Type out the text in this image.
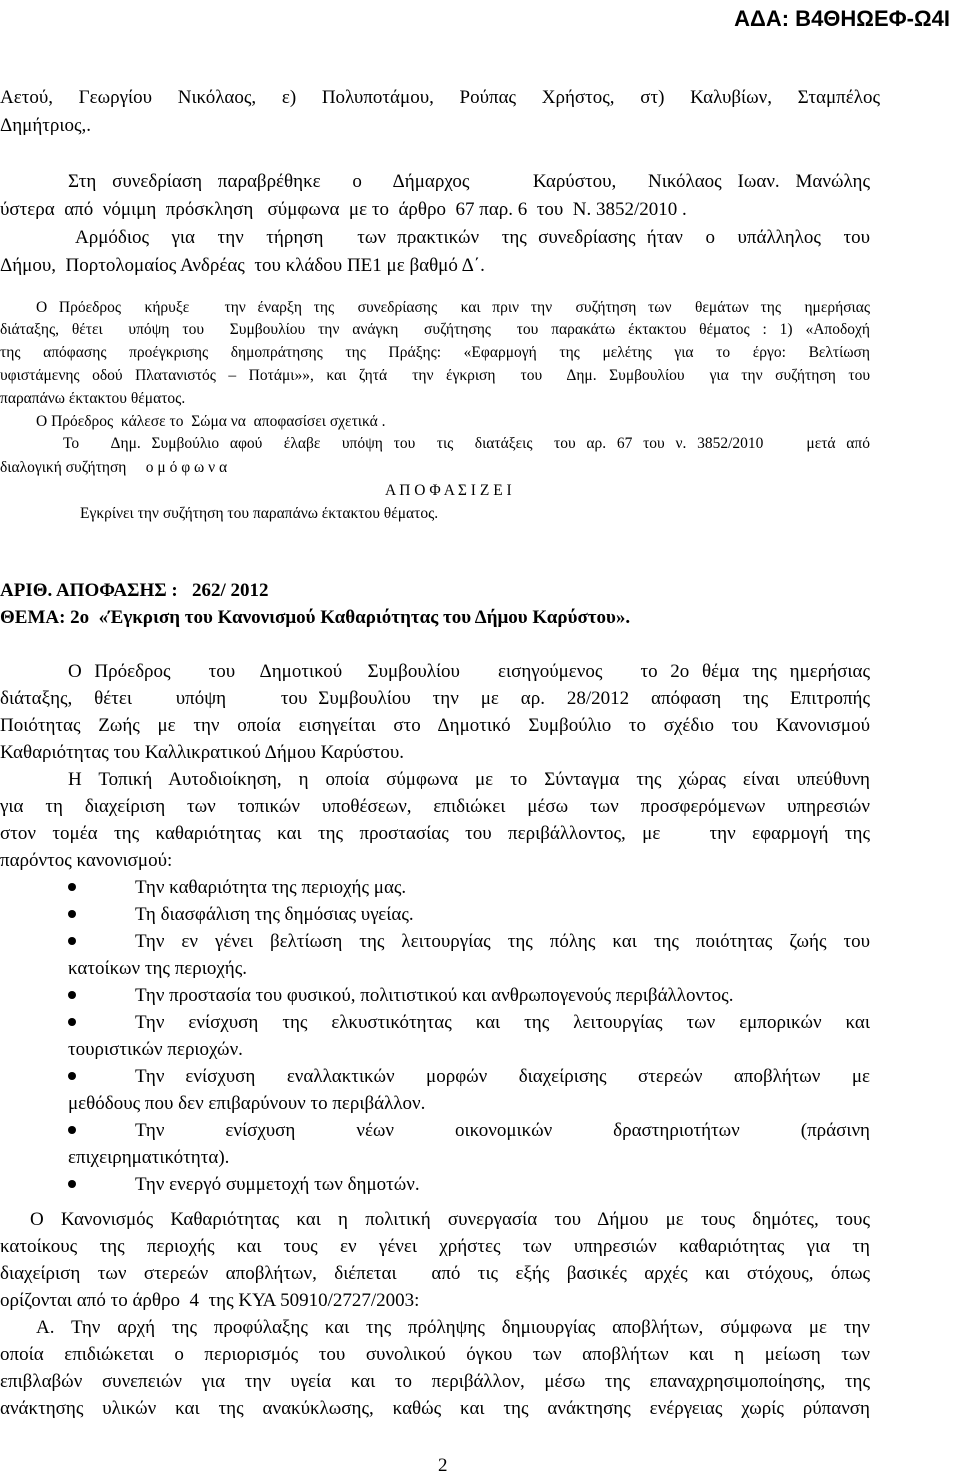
ΑΔΑ: Β4ΘΗΩΕΦ-Ω4Ι
Αετού, Γεωργίου Νικόλαος, ε) Πολυποτάμου, Ρούπας Χρήστος, στ) Καλυβίων, Σταμπέλος
Δημήτριος,.
Στη συνεδρίαση παραβρέθηκε  ο  Δήμαρχος    Καρύστου,  Νικόλαος Ιωαν. Μανώλης
ύστερα  από  νόμιμη  πρόσκληση   σύμφωνα  με το  άρθρο  67 παρ. 6  του  Ν. 3852/2010 .
Αρμόδιος  για  την  τήρηση   των πρακτικών  της συνεδρίασης ήταν  ο  υπάλληλος  του
Δήμου,  Πορτολομαίος Ανδρέας  του κλάδου ΠΕ1 με βαθμό Δ΄.
Ο Πρόεδρος  κήρυξε   την έναρξη της  συνεδρίασης  και πριν την  συζήτηση των  θεμάτων της  ημερήσιας
διάταξης, θέτει  υπόψη του  Συμβουλίου την ανάγκη  συζήτησης  του παρακάτω έκτακτου θέματος : 1) «Αποδοχή
της  απόφασης  προέγκρισης  δημοπράτησης  της  Πράξης:  «Εφαρμογή  της  μελέτης  για  το  έργο:  Βελτίωση
υφιστάμενης οδού Πλατανιστός – Ποτάμι»», και ζητά  την έγκριση  του  Δημ. Συμβουλίου  για την συζήτηση του
παραπάνω έκτακτου θέματος.
Ο Πρόεδρος  κάλεσε το  Σώμα να  αποφασίσει σχετικά .
Το   Δημ. Συμβούλιο αφού  έλαβε  υπόψη του  τις  διατάξεις  του αρ. 67 του ν. 3852/2010    μετά από
διαλογική συζήτηση     ο μ ό φ ω ν α
Α Π Ο Φ Α Σ Ι Ζ Ε Ι
Εγκρίνει την συζήτηση του παραπάνω έκτακτου θέματος.
ΑΡΙΘ. ΑΠΟΦΑΣΗΣ :   262/ 2012
ΘΕΜΑ: 2ο  «Έγκριση του Κανονισμού Καθαριότητας του Δήμου Καρύστου».
Ο Πρόεδρος   του  Δημοτικού  Συμβουλίου   εισηγούμενος   το 2ο θέμα της ημερήσιας
διάταξης,  θέτει    υπόψη     του Συμβουλίου  την  με  αρ.  28/2012  απόφαση  της  Επιτροπής
Ποιότητας Ζωής με την οποία εισηγείται στο Δημοτικό Συμβούλιο το σχέδιο του Κανονισμού
Καθαριότητας του Καλλικρατικού Δήμου Καρύστου.
Η Τοπική Αυτοδιοίκηση, η οποία σύμφωνα με το Σύνταγμα της χώρας είναι υπεύθυνη
για τη διαχείριση των τοπικών υποθέσεων, επιδιώκει μέσω των προσφερόμενων υπηρεσιών
στον τομέα της καθαριότητας και της προστασίας του περιβάλλοντος, με   την εφαρμογή της
παρόντος κανονισμού:
Την καθαριότητα της περιοχής μας.
Τη διασφάλιση της δημόσιας υγείας.
Την εν γένει βελτίωση της λειτουργίας της πόλης και της ποιότητας ζωής του
κατοίκων της περιοχής.
Την προστασία του φυσικού, πολιτιστικού και ανθρωπογενούς περιβάλλοντος.
Την ενίσχυση της ελκυστικότητας και της λειτουργίας των εμπορικών και
τουριστικών περιοχών.
Την  ενίσχυση   εναλλακτικών   μορφών   διαχείρισης   στερεών   αποβλήτων   με
μεθόδους που δεν επιβαρύνουν το περιβάλλον.
Την         ενίσχυση         νέων         οικονομικών         δραστηριοτήτων         (πράσινη
επιχειρηματικότητα).
Την ενεργό συμμετοχή των δημοτών.
Ο Κανονισμός Καθαριότητας και η πολιτική συνεργασία του Δήμου με τους δημότες, τους
κατοίκους  της  περιοχής  και  τους  εν  γένει  χρήστες  των  υπηρεσιών  καθαριότητας  για  τη
διαχείριση των στερεών αποβλήτων, διέπεται  από τις εξής βασικές αρχές και στόχους, όπως
ορίζονται από το άρθρο  4  της ΚΥΑ 50910/2727/2003:
Α. Την αρχή της προφύλαξης και της πρόληψης δημιουργίας αποβλήτων, σύμφωνα με την
οποία  επιδιώκεται  ο  περιορισμός  του  συνολικού  όγκου  των  αποβλήτων  και  η  μείωση  των
επιβλαβών  συνεπειών  για  την  υγεία  και  το  περιβάλλον,  μέσω  της  επαναχρησιμοποίησης,  της
ανάκτησης υλικών και της ανακύκλωσης, καθώς και της ανάκτησης ενέργειας χωρίς ρύπανση
2
